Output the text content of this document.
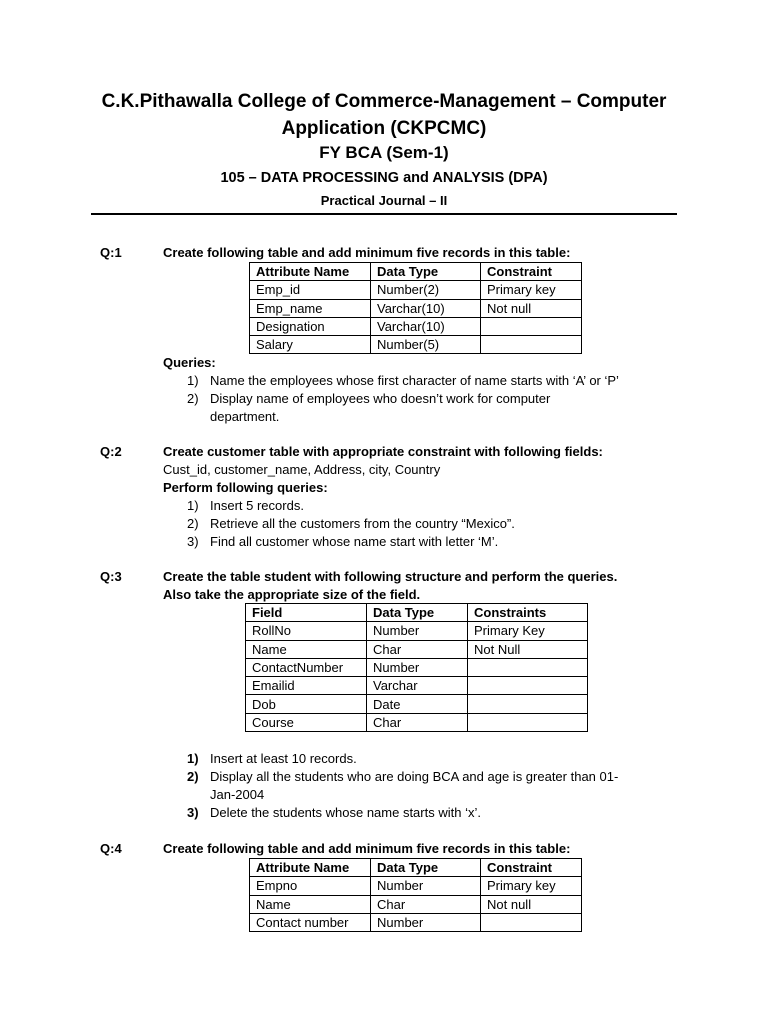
C.K.Pithawalla College of Commerce-Management – Computer
Application (CKPCMC)
FY BCA (Sem-1)
105 – DATA PROCESSING and ANALYSIS (DPA)
Practical Journal – II
Q:1	Create following table and add minimum five records in this table:
Attribute Name	Data Type	Constraint
Emp_id	Number(2)	Primary key
Emp_name	Varchar(10)	Not null
Designation	Varchar(10)	
Salary	Number(5)	
Queries:
1) Name the employees whose first character of name starts with ‘A’ or ‘P’
2) Display name of employees who doesn’t work for computer
department.
Q:2	Create customer table with appropriate constraint with following fields:
Cust_id, customer_name, Address, city, Country
Perform following queries:
1) Insert 5 records.
2) Retrieve all the customers from the country “Mexico”.
3) Find all customer whose name start with letter ‘M’.
Q:3	Create the table student with following structure and perform the queries.
Also take the appropriate size of the field.
Field	Data Type	Constraints
RollNo	Number	Primary Key
Name	Char	Not Null
ContactNumber	Number	
Emailid	Varchar	
Dob	Date	
Course	Char	
1) Insert at least 10 records.
2) Display all the students who are doing BCA and age is greater than 01-
Jan-2004
3) Delete the students whose name starts with ‘x’.
Q:4	Create following table and add minimum five records in this table:
Attribute Name	Data Type	Constraint
Empno	Number	Primary key
Name	Char	Not null
Contact number	Number	
